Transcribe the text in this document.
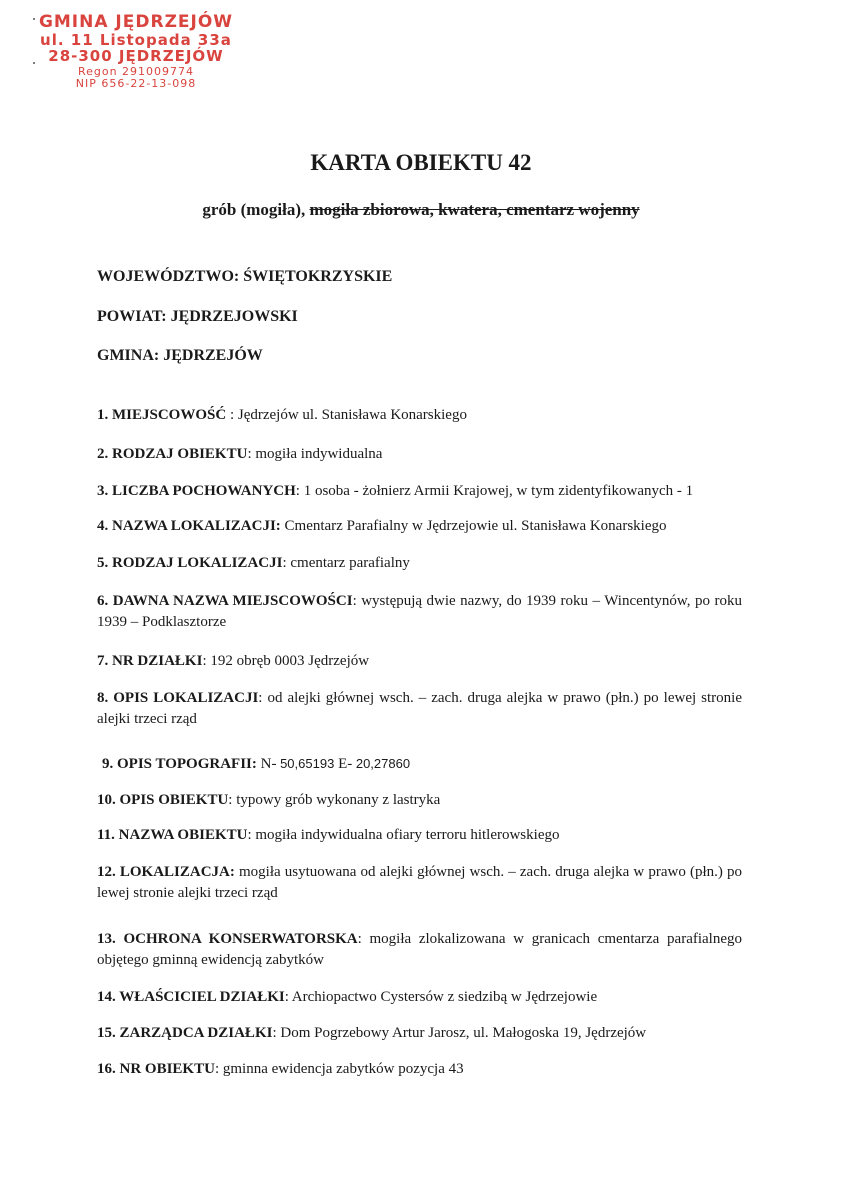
GMINA JĘDRZEJÓW
ul. 11 Listopada 33a
28-300 JĘDRZEJÓW
Regon 291009774
NIP 656-22-13-098
KARTA OBIEKTU 42
grób (mogiła), mogiła zbiorowa, kwatera, cmentarz wojenny
WOJEWÓDZTWO: ŚWIĘTOKRZYSKIE
POWIAT: JĘDRZEJOWSKI
GMINA: JĘDRZEJÓW
1. MIEJSCOWOŚĆ : Jędrzejów ul. Stanisława Konarskiego
2. RODZAJ OBIEKTU: mogiła indywidualna
3. LICZBA POCHOWANYCH: 1 osoba - żołnierz Armii Krajowej, w tym zidentyfikowanych - 1
4. NAZWA LOKALIZACJI: Cmentarz Parafialny w Jędrzejowie ul. Stanisława Konarskiego
5. RODZAJ LOKALIZACJI: cmentarz parafialny
6. DAWNA NAZWA MIEJSCOWOŚCI: występują dwie nazwy, do 1939 roku – Wincentynów, po roku 1939 – Podklasztorze
7. NR DZIAŁKI: 192 obręb 0003 Jędrzejów
8. OPIS LOKALIZACJI: od alejki głównej wsch. – zach. druga alejka w prawo (płn.) po lewej stronie alejki trzeci rząd
9. OPIS TOPOGRAFII: N- 50,65193 E- 20,27860
10. OPIS OBIEKTU: typowy grób wykonany z lastryka
11. NAZWA OBIEKTU: mogiła indywidualna ofiary terroru hitlerowskiego
12. LOKALIZACJA: mogiła usytuowana od alejki głównej wsch. – zach. druga alejka w prawo (płn.) po lewej stronie alejki trzeci rząd
13. OCHRONA KONSERWATORSKA: mogiła zlokalizowana w granicach cmentarza parafialnego objętego gminną ewidencją zabytków
14. WŁAŚCICIEL DZIAŁKI: Archiopactwo Cystersów z siedzibą w Jędrzejowie
15. ZARZĄDCA DZIAŁKI: Dom Pogrzebowy Artur Jarosz, ul. Małogoska 19, Jędrzejów
16. NR OBIEKTU: gminna ewidencja zabytków pozycja 43
